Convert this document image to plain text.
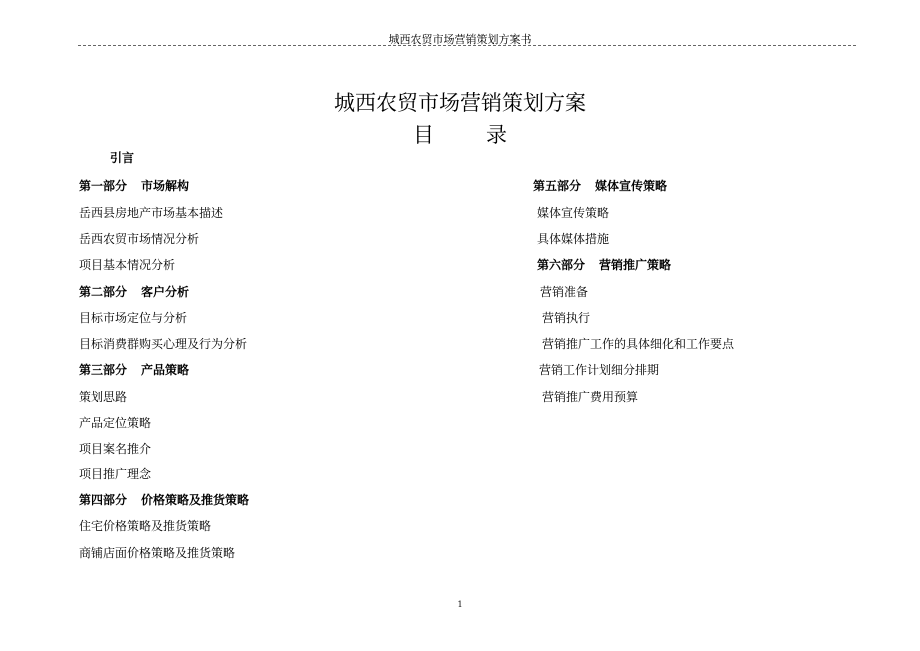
城西农贸市场营销策划方案书
城西农贸市场营销策划方案
目 录
引言
第一部分 市场解构
岳西县房地产市场基本描述
岳西农贸市场情况分析
项目基本情况分析
第二部分 客户分析
目标市场定位与分析
目标消费群购买心理及行为分析
第三部分 产品策略
策划思路
产品定位策略
项目案名推介
项目推广理念
第四部分 价格策略及推货策略
住宅价格策略及推货策略
商铺店面价格策略及推货策略
第五部分 媒体宣传策略
媒体宣传策略
具体媒体措施
第六部分 营销推广策略
营销准备
营销执行
营销推广工作的具体细化和工作要点
营销工作计划细分排期
营销推广费用预算
1
